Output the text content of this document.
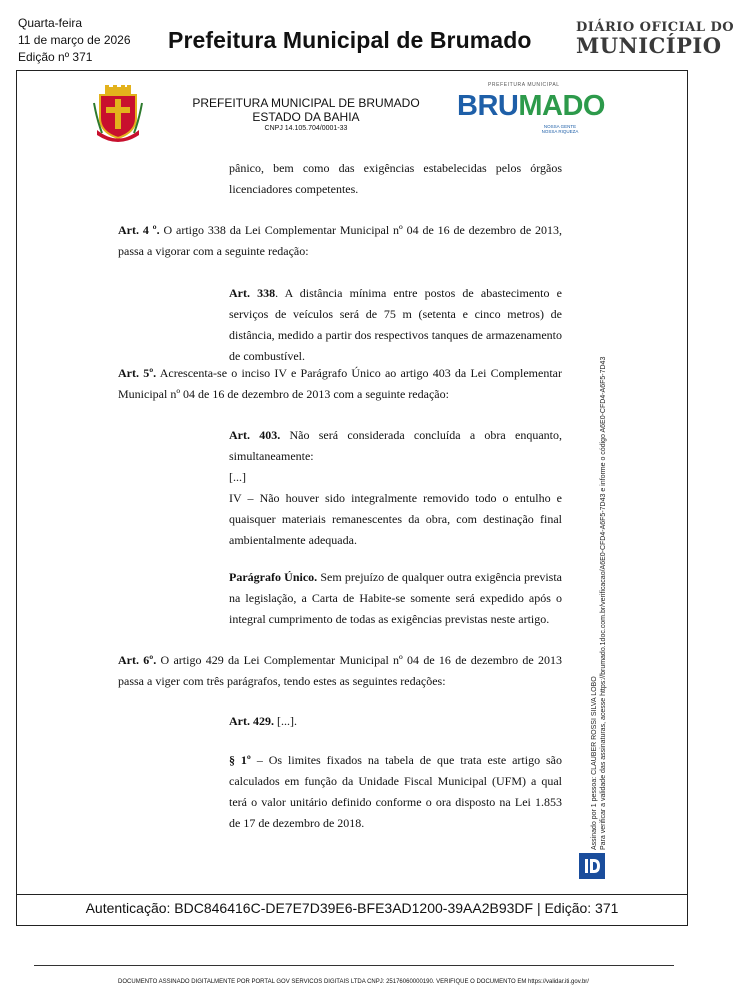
Quarta-feira
11 de março de 2026
Edição nº 371
Prefeitura Municipal de Brumado	DIÁRIO OFICIAL DO
MUNICÍPIO
PREFEITURA MUNICIPAL DE BRUMADO
ESTADO DA BAHIA
CNPJ 14.105.704/0001-33
PREFEITURA MUNICIPAL
BRUMADO
NOSSA GENTE
NOSSA RIQUEZA

pânico, bem como das exigências estabelecidas pelos órgãos licenciadores competentes.

Art. 4 º. O artigo 338 da Lei Complementar Municipal nº 04 de 16 de dezembro de 2013, passa a vigorar com a seguinte redação:

Art. 338. A distância mínima entre postos de abastecimento e serviços de veículos será de 75 m (setenta e cinco metros) de distância, medido a partir dos respectivos tanques de armazenamento de combustível.

Art. 5º. Acrescenta-se o inciso IV e Parágrafo Único ao artigo 403 da Lei Complementar Municipal nº 04 de 16 de dezembro de 2013 com a seguinte redação:

Art. 403. Não será considerada concluída a obra enquanto, simultaneamente:

[...]

IV – Não houver sido integralmente removido todo o entulho e quaisquer materiais remanescentes da obra, com destinação final ambientalmente adequada.

Parágrafo Único. Sem prejuízo de qualquer outra exigência prevista na legislação, a Carta de Habite-se somente será expedido após o integral cumprimento de todas as exigências previstas neste artigo.

Art. 6º. O artigo 429 da Lei Complementar Municipal nº 04 de 16 de dezembro de 2013 passa a viger com três parágrafos, tendo estes as seguintes redações:

Art. 429. [...].

§ 1º – Os limites fixados na tabela de que trata este artigo são calculados em função da Unidade Fiscal Municipal (UFM) a qual terá o valor unitário definido conforme o ora disposto na Lei 1.853 de 17 de dezembro de 2018.	Assinado por 1 pessoa: CLAUBER ROSSI SILVA LOBO Para verificar a validade das assinaturas, acesse https://brumado.1doc.com.br/verificacao/A6E0-CFD4-A6F5-7D43 e informe o código A6E0-CFD4-A6F5-7D43
Autenticação: BDC846416C-DE7E7D39E6-BFE3AD1200-39AA2B93DF | Edição: 371
DOCUMENTO ASSINADO DIGITALMENTE POR PORTAL GOV SERVICOS DIGITAIS LTDA CNPJ: 25176060000190. VERIFIQUE O DOCUMENTO EM https://validar.iti.gov.br/
